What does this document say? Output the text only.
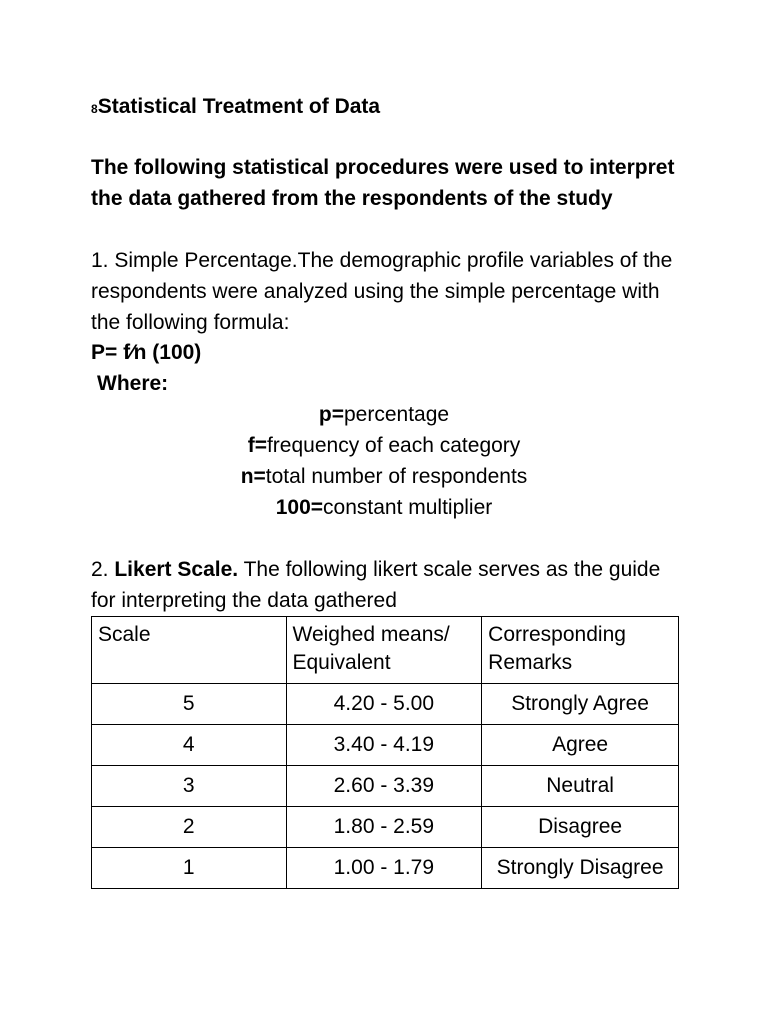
$^8$Statistical Treatment of Data

The following statistical procedures were used to interpret the data gathered from the respondents of the study

1. Simple Percentage.The demographic profile variables of the respondents were analyzed using the simple percentage with the following formula:
P= f⁄n (100)
Where:
p=percentage
f=frequency of each category
n=total number of respondents
100=constant multiplier
2. Likert Scale. The following likert scale serves as the guide for interpreting the data gathered
Scale	Weighed means/ Equivalent	Corresponding Remarks
5	4.20 - 5.00	Strongly Agree
4	3.40 - 4.19	Agree
3	2.60 - 3.39	Neutral
2	1.80 - 2.59	Disagree
1	1.00 - 1.79	Strongly Disagree
